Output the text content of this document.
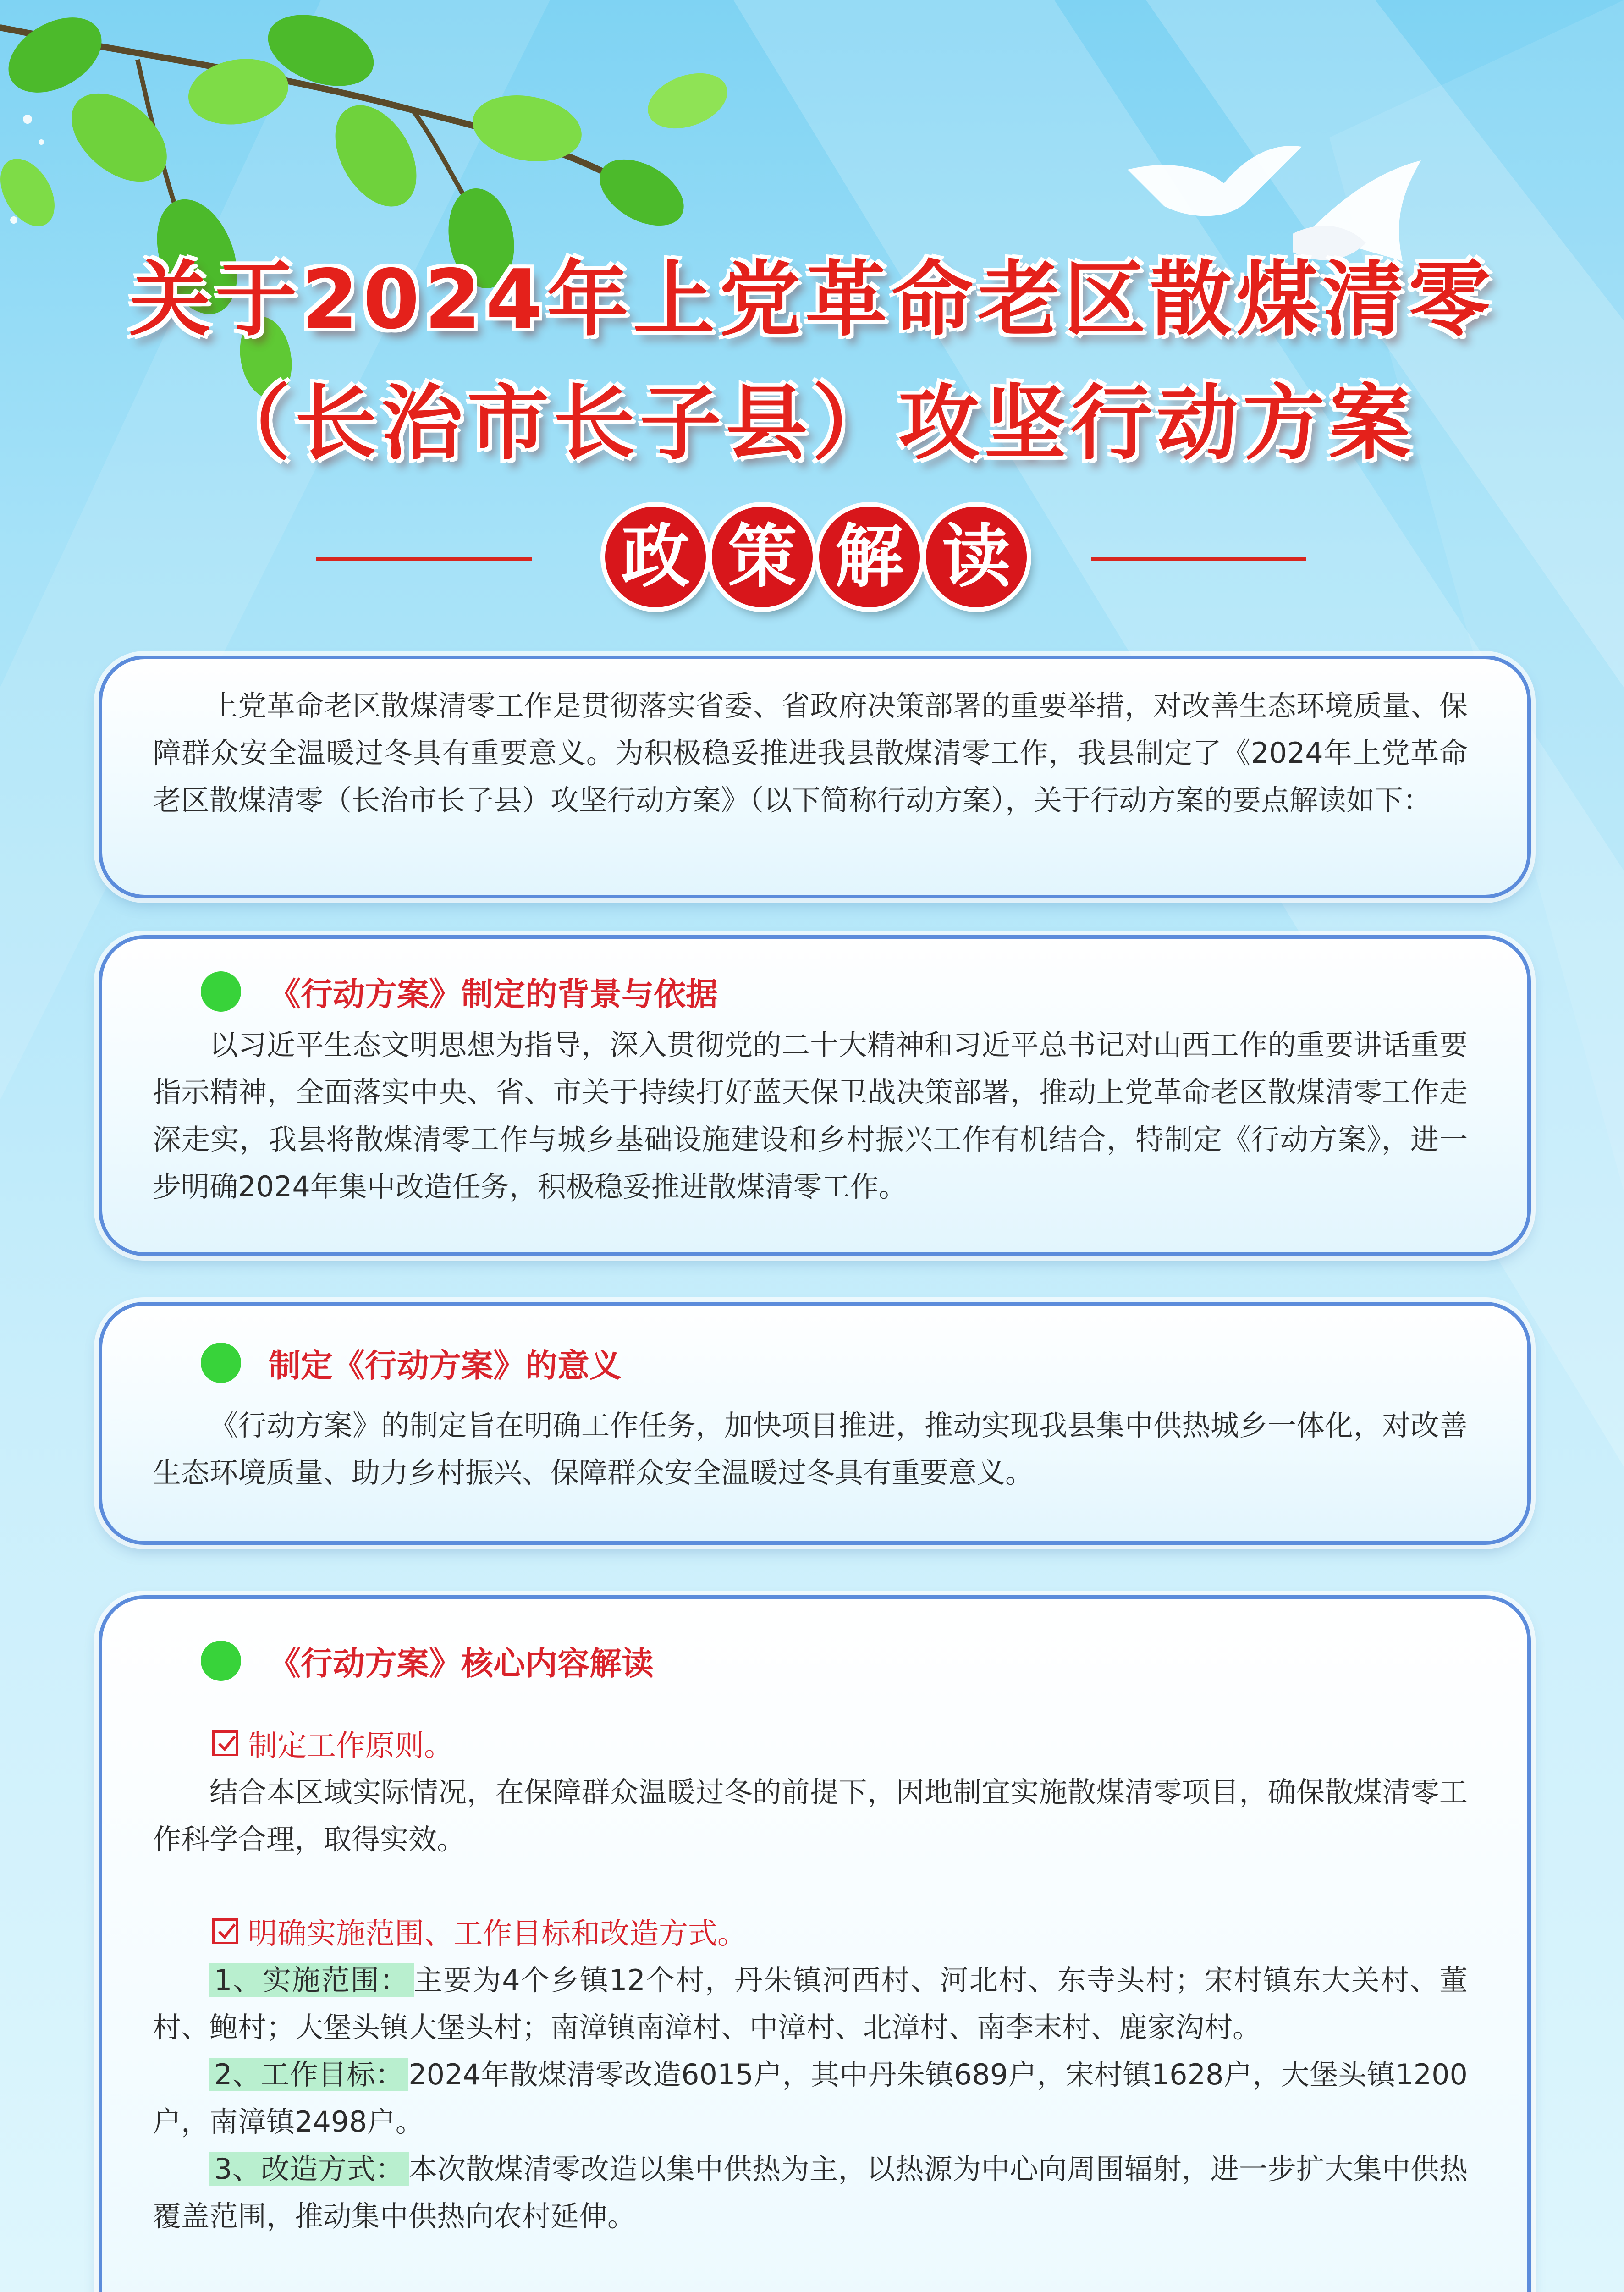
关于2024年上党革命老区散煤清零
（长治市长子县）攻坚行动方案
政 策 解 读

上党革命老区散煤清零工作是贯彻落实省委、省政府决策部署的重要举措，对改善生态环境质量、保障群众安全温暖过冬具有重要意义。为积极稳妥推进我县散煤清零工作，我县制定了《2024年上党革命老区散煤清零（长治市长子县）攻坚行动方案》（以下简称行动方案），关于行动方案的要点解读如下：

《行动方案》制定的背景与依据

以习近平生态文明思想为指导，深入贯彻党的二十大精神和习近平总书记对山西工作的重要讲话重要指示精神，全面落实中央、省、市关于持续打好蓝天保卫战决策部署，推动上党革命老区散煤清零工作走深走实，我县将散煤清零工作与城乡基础设施建设和乡村振兴工作有机结合，特制定《行动方案》，进一步明确2024年集中改造任务，积极稳妥推进散煤清零工作。

制定《行动方案》的意义

《行动方案》的制定旨在明确工作任务，加快项目推进，推动实现我县集中供热城乡一体化，对改善生态环境质量、助力乡村振兴、保障群众安全温暖过冬具有重要意义。

《行动方案》核心内容解读
制定工作原则。

结合本区域实际情况，在保障群众温暖过冬的前提下，因地制宜实施散煤清零项目，确保散煤清零工作科学合理，取得实效。

明确实施范围、工作目标和改造方式。

1、实施范围： 主要为4个乡镇12个村，丹朱镇河西村、河北村、东寺头村；宋村镇东大关村、董村、鲍村；大堡头镇大堡头村；南漳镇南漳村、中漳村、北漳村、南李末村、鹿家沟村。

2、工作目标： 2024年散煤清零改造6015户，其中丹朱镇689户，宋村镇1628户，大堡头镇1200户，南漳镇2498户。

3、改造方式： 本次散煤清零改造以集中供热为主，以热源为中心向周围辐射，进一步扩大集中供热覆盖范围，推动集中供热向农村延伸。
